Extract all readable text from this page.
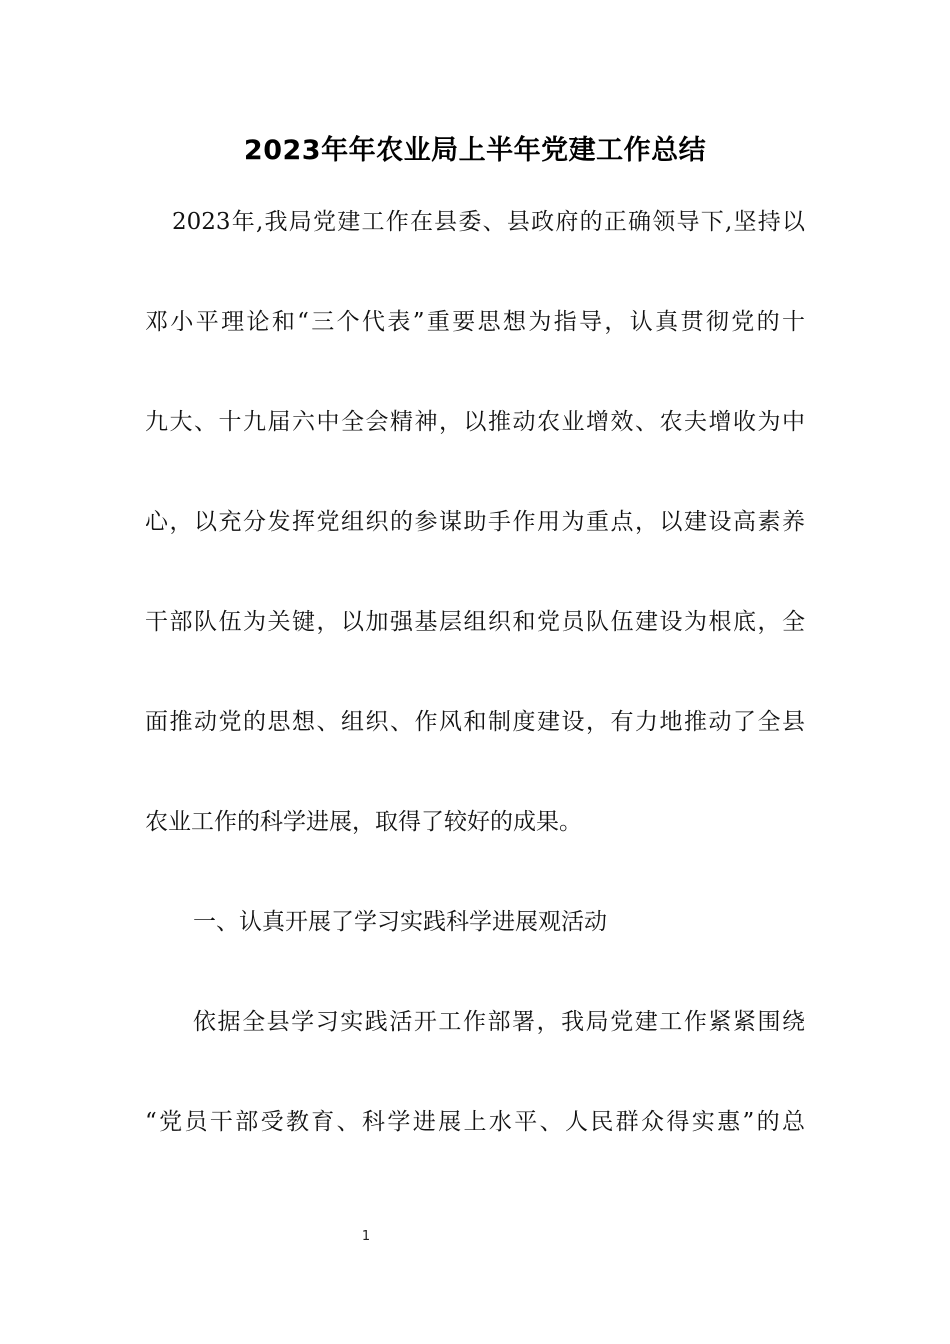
2023年年农业局上半年党建工作总结
2023年,我局党建工作在县委、县政府的正确领导下,坚持以
邓小平理论和“三个代表”重要思想为指导，认真贯彻党的十
九大、十九届六中全会精神，以推动农业增效、农夫增收为中
心，以充分发挥党组织的参谋助手作用为重点，以建设高素养
干部队伍为关键，以加强基层组织和党员队伍建设为根底，全
面推动党的思想、组织、作风和制度建设，有力地推动了全县
农业工作的科学进展，取得了较好的成果。
一、认真开展了学习实践科学进展观活动
依据全县学习实践活开工作部署，我局党建工作紧紧围绕
“党员干部受教育、科学进展上水平、人民群众得实惠”的总
1
